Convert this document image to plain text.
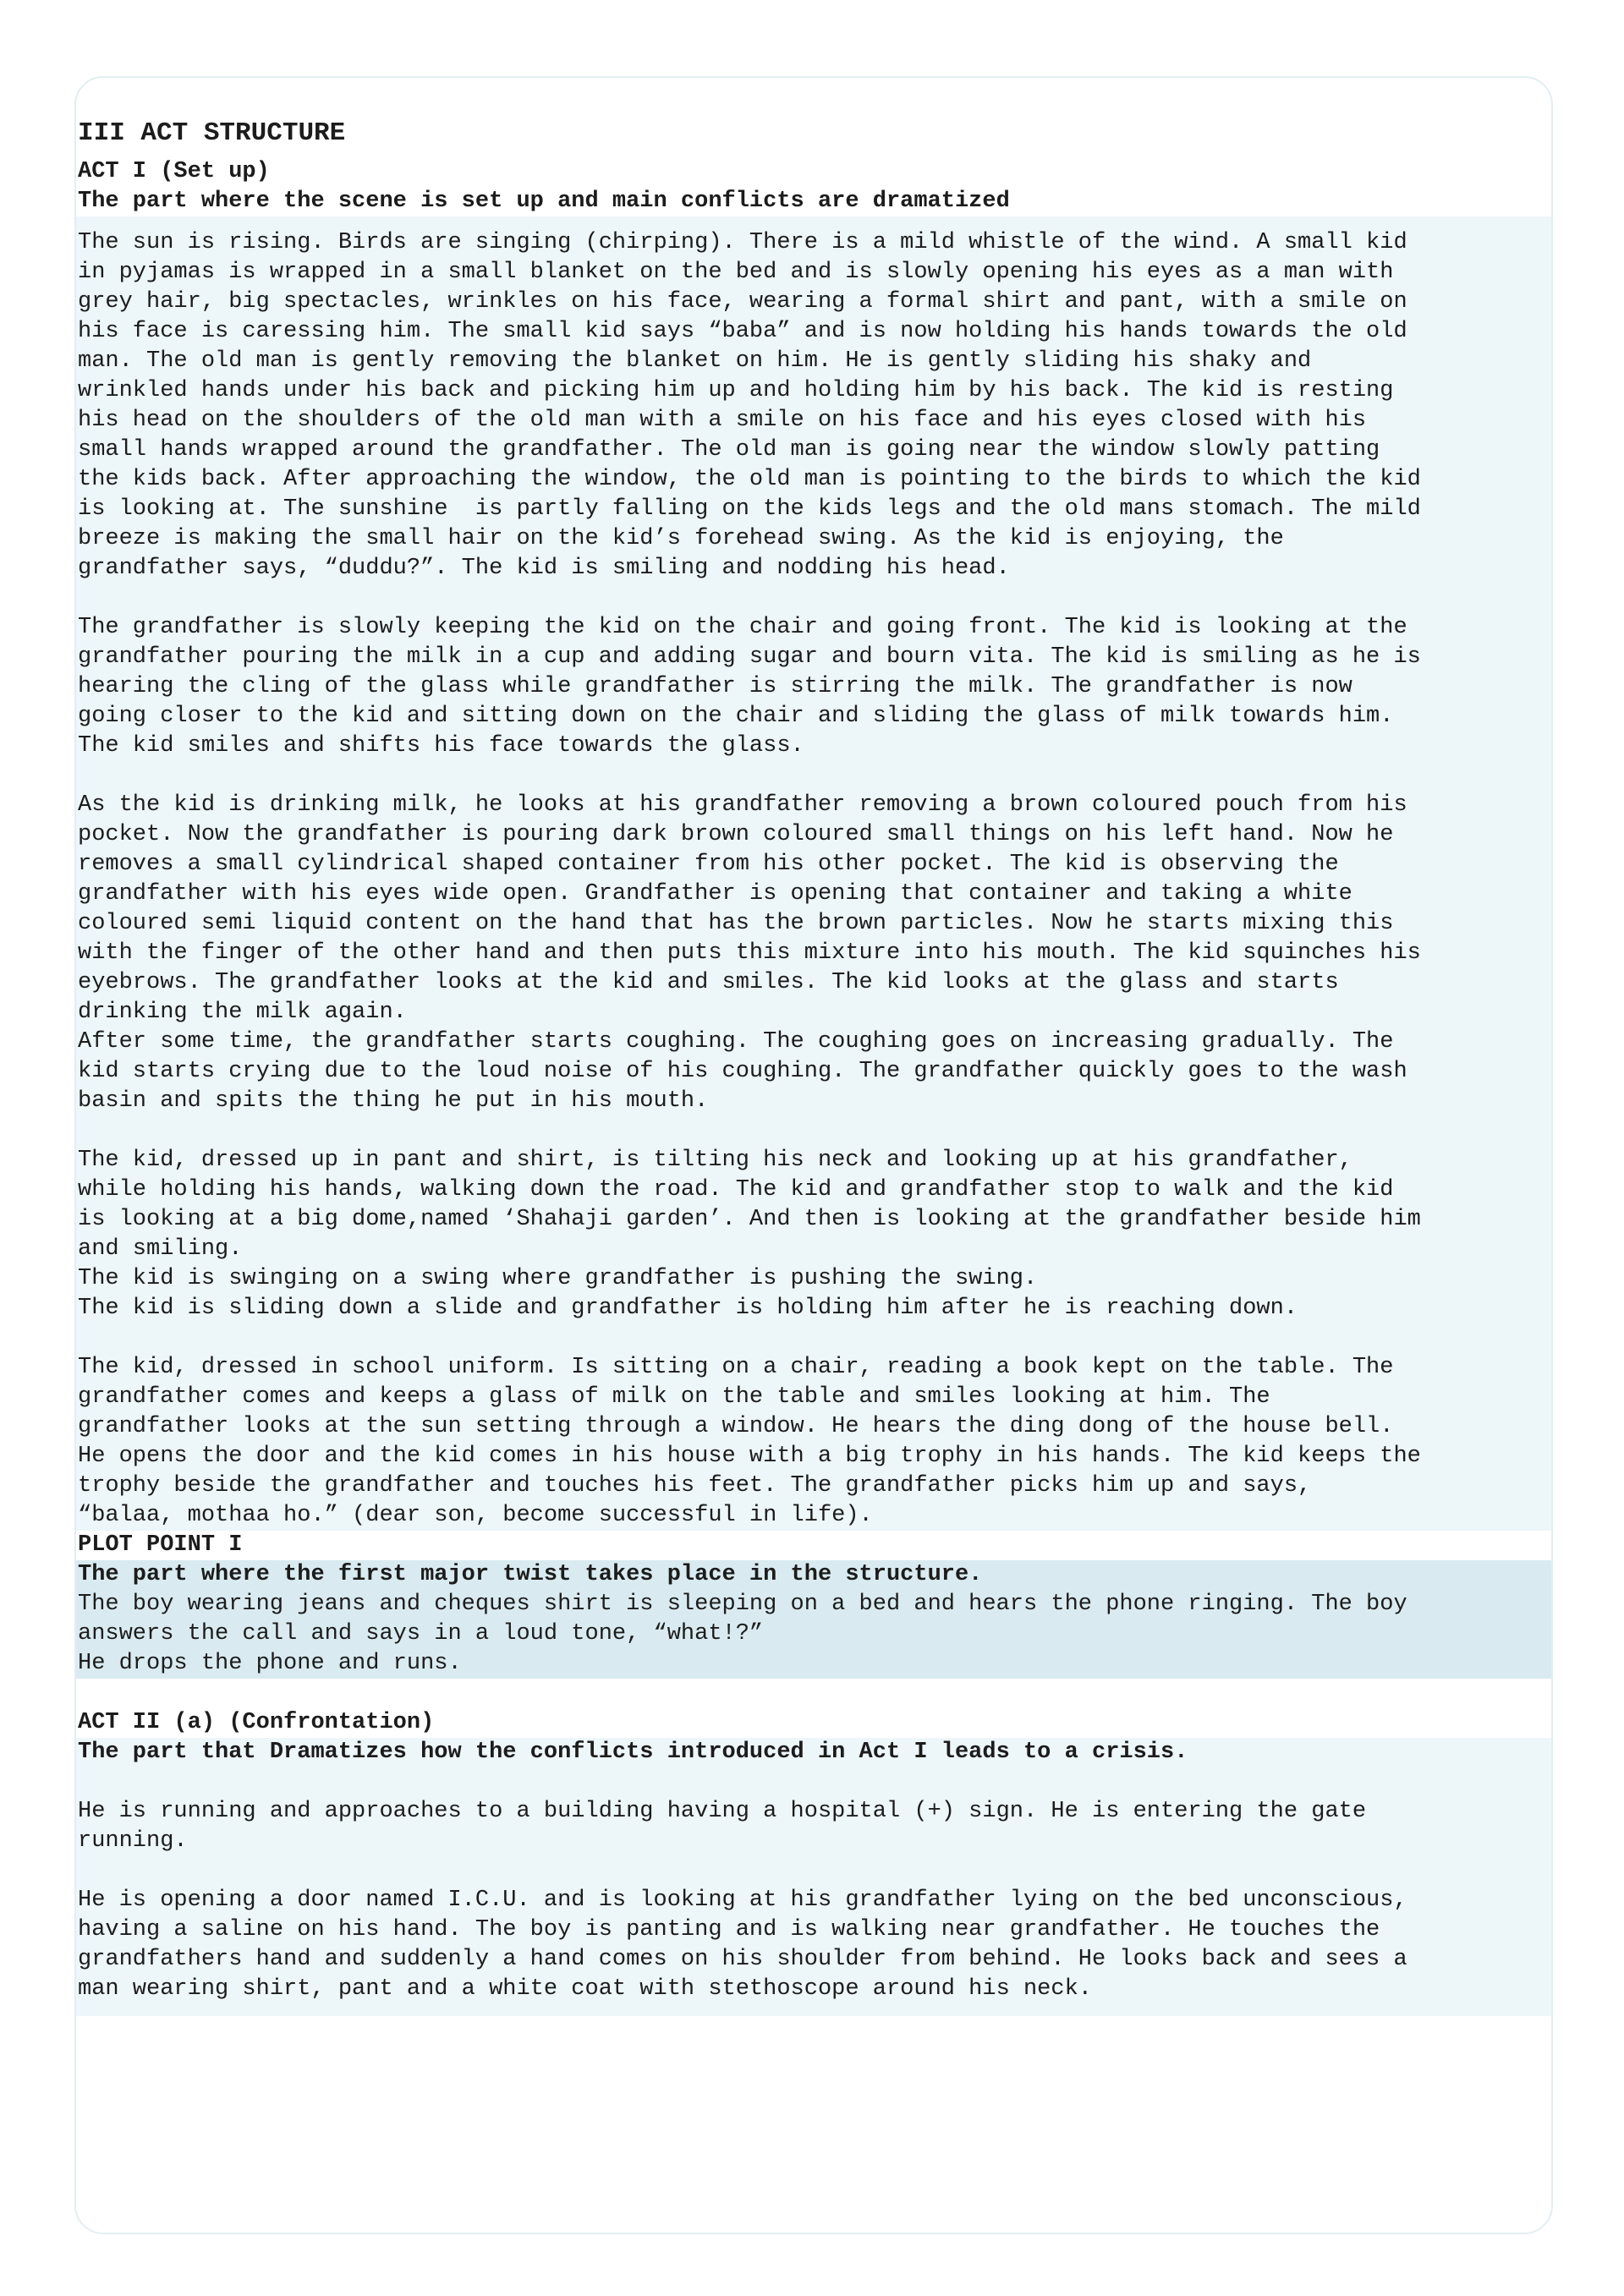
III ACT STRUCTURE
ACT I (Set up)
The part where the scene is set up and main conflicts are dramatized
The sun is rising. Birds are singing (chirping). There is a mild whistle of the wind. A small kid
in pyjamas is wrapped in a small blanket on the bed and is slowly opening his eyes as a man with
grey hair, big spectacles, wrinkles on his face, wearing a formal shirt and pant, with a smile on
his face is caressing him. The small kid says “baba” and is now holding his hands towards the old
man. The old man is gently removing the blanket on him. He is gently sliding his shaky and
wrinkled hands under his back and picking him up and holding him by his back. The kid is resting
his head on the shoulders of the old man with a smile on his face and his eyes closed with his
small hands wrapped around the grandfather. The old man is going near the window slowly patting
the kids back. After approaching the window, the old man is pointing to the birds to which the kid
is looking at. The sunshine  is partly falling on the kids legs and the old mans stomach. The mild
breeze is making the small hair on the kid’s forehead swing. As the kid is enjoying, the
grandfather says, “duddu?”. The kid is smiling and nodding his head.
The grandfather is slowly keeping the kid on the chair and going front. The kid is looking at the
grandfather pouring the milk in a cup and adding sugar and bourn vita. The kid is smiling as he is
hearing the cling of the glass while grandfather is stirring the milk. The grandfather is now
going closer to the kid and sitting down on the chair and sliding the glass of milk towards him.
The kid smiles and shifts his face towards the glass.
As the kid is drinking milk, he looks at his grandfather removing a brown coloured pouch from his
pocket. Now the grandfather is pouring dark brown coloured small things on his left hand. Now he
removes a small cylindrical shaped container from his other pocket. The kid is observing the
grandfather with his eyes wide open. Grandfather is opening that container and taking a white
coloured semi liquid content on the hand that has the brown particles. Now he starts mixing this
with the finger of the other hand and then puts this mixture into his mouth. The kid squinches his
eyebrows. The grandfather looks at the kid and smiles. The kid looks at the glass and starts
drinking the milk again.
After some time, the grandfather starts coughing. The coughing goes on increasing gradually. The
kid starts crying due to the loud noise of his coughing. The grandfather quickly goes to the wash
basin and spits the thing he put in his mouth.
The kid, dressed up in pant and shirt, is tilting his neck and looking up at his grandfather,
while holding his hands, walking down the road. The kid and grandfather stop to walk and the kid
is looking at a big dome,named ‘Shahaji garden’. And then is looking at the grandfather beside him
and smiling.
The kid is swinging on a swing where grandfather is pushing the swing.
The kid is sliding down a slide and grandfather is holding him after he is reaching down.
The kid, dressed in school uniform. Is sitting on a chair, reading a book kept on the table. The
grandfather comes and keeps a glass of milk on the table and smiles looking at him. The
grandfather looks at the sun setting through a window. He hears the ding dong of the house bell.
He opens the door and the kid comes in his house with a big trophy in his hands. The kid keeps the
trophy beside the grandfather and touches his feet. The grandfather picks him up and says,
“balaa, mothaa ho.” (dear son, become successful in life).
PLOT POINT I
The part where the first major twist takes place in the structure.
The boy wearing jeans and cheques shirt is sleeping on a bed and hears the phone ringing. The boy
answers the call and says in a loud tone, “what!?”
He drops the phone and runs.
ACT II (a) (Confrontation)
The part that Dramatizes how the conflicts introduced in Act I leads to a crisis.
He is running and approaches to a building having a hospital (+) sign. He is entering the gate
running.
He is opening a door named I.C.U. and is looking at his grandfather lying on the bed unconscious,
having a saline on his hand. The boy is panting and is walking near grandfather. He touches the
grandfathers hand and suddenly a hand comes on his shoulder from behind. He looks back and sees a
man wearing shirt, pant and a white coat with stethoscope around his neck.
